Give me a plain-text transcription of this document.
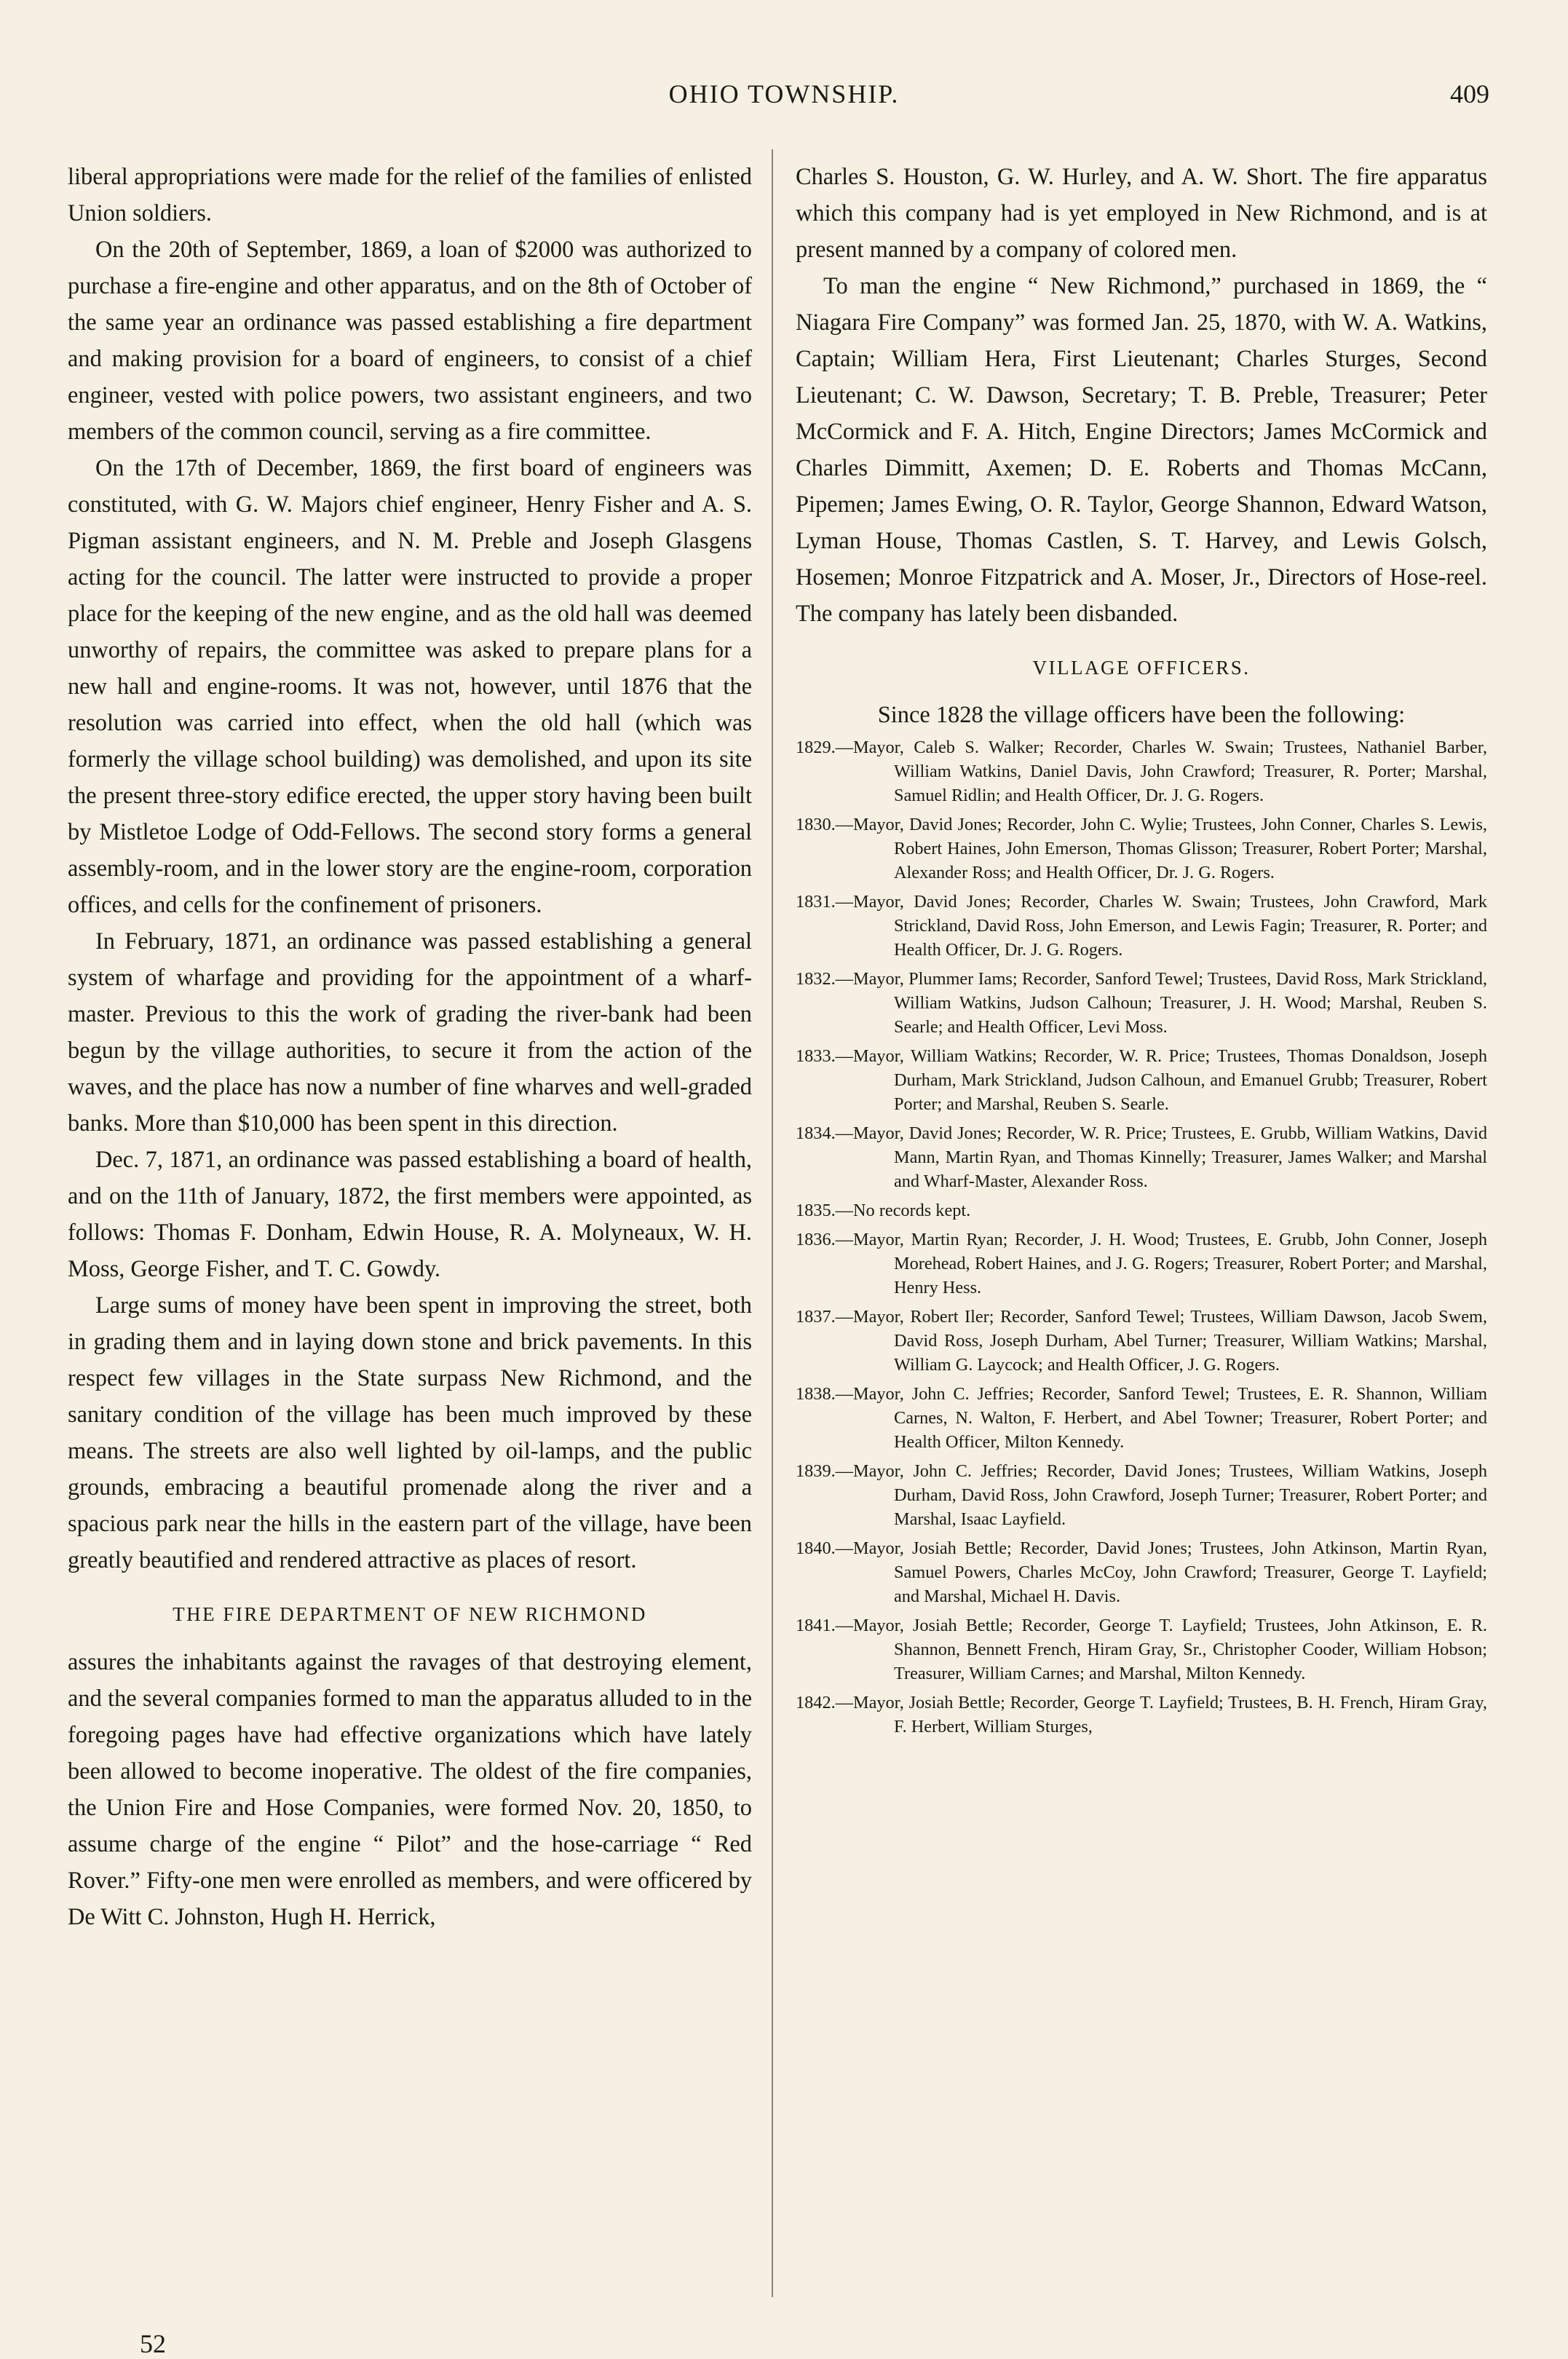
OHIO TOWNSHIP.	409

liberal appropriations were made for the relief of the families of enlisted Union soldiers.

On the 20th of September, 1869, a loan of $2000 was authorized to purchase a fire-engine and other apparatus, and on the 8th of October of the same year an ordinance was passed establishing a fire department and making provision for a board of engineers, to consist of a chief engineer, vested with police powers, two assistant engineers, and two members of the common council, serving as a fire committee.

On the 17th of December, 1869, the first board of engineers was constituted, with G. W. Majors chief engineer, Henry Fisher and A. S. Pigman assistant engineers, and N. M. Preble and Joseph Glasgens acting for the council. The latter were instructed to provide a proper place for the keeping of the new engine, and as the old hall was deemed unworthy of repairs, the committee was asked to prepare plans for a new hall and engine-rooms. It was not, however, until 1876 that the resolution was carried into effect, when the old hall (which was formerly the village school building) was demolished, and upon its site the present three-story edifice erected, the upper story having been built by Mistletoe Lodge of Odd-Fellows. The second story forms a general assembly-room, and in the lower story are the engine-room, corporation offices, and cells for the confinement of prisoners.

In February, 1871, an ordinance was passed establishing a general system of wharfage and providing for the appointment of a wharf-master. Previous to this the work of grading the river-bank had been begun by the village authorities, to secure it from the action of the waves, and the place has now a number of fine wharves and well-graded banks. More than $10,000 has been spent in this direction.

Dec. 7, 1871, an ordinance was passed establishing a board of health, and on the 11th of January, 1872, the first members were appointed, as follows: Thomas F. Donham, Edwin House, R. A. Molyneaux, W. H. Moss, George Fisher, and T. C. Gowdy.

Large sums of money have been spent in improving the street, both in grading them and in laying down stone and brick pavements. In this respect few villages in the State surpass New Richmond, and the sanitary condition of the village has been much improved by these means. The streets are also well lighted by oil-lamps, and the public grounds, embracing a beautiful promenade along the river and a spacious park near the hills in the eastern part of the village, have been greatly beautified and rendered attractive as places of resort.

THE FIRE DEPARTMENT OF NEW RICHMOND

assures the inhabitants against the ravages of that destroying element, and the several companies formed to man the apparatus alluded to in the foregoing pages have had effective organizations which have lately been allowed to become inoperative. The oldest of the fire companies, the Union Fire and Hose Companies, were formed Nov. 20, 1850, to assume charge of the engine “ Pilot” and the hose-carriage “ Red Rover.” Fifty-one men were enrolled as members, and were officered by De Witt C. Johnston, Hugh H. Herrick,

Charles S. Houston, G. W. Hurley, and A. W. Short. The fire apparatus which this company had is yet employed in New Richmond, and is at present manned by a company of colored men.

To man the engine “ New Richmond,” purchased in 1869, the “ Niagara Fire Company” was formed Jan. 25, 1870, with W. A. Watkins, Captain; William Hera, First Lieutenant; Charles Sturges, Second Lieutenant; C. W. Dawson, Secretary; T. B. Preble, Treasurer; Peter McCormick and F. A. Hitch, Engine Directors; James McCormick and Charles Dimmitt, Axemen; D. E. Roberts and Thomas McCann, Pipemen; James Ewing, O. R. Taylor, George Shannon, Edward Watson, Lyman House, Thomas Castlen, S. T. Harvey, and Lewis Golsch, Hosemen; Monroe Fitzpatrick and A. Moser, Jr., Directors of Hose-reel. The company has lately been disbanded.

VILLAGE OFFICERS.
Since 1828 the village officers have been the following:
1829.—Mayor, Caleb S. Walker; Recorder, Charles W. Swain; Trustees, Nathaniel Barber, William Watkins, Daniel Davis, John Crawford; Treasurer, R. Porter; Marshal, Samuel Ridlin; and Health Officer, Dr. J. G. Rogers.
1830.—Mayor, David Jones; Recorder, John C. Wylie; Trustees, John Conner, Charles S. Lewis, Robert Haines, John Emerson, Thomas Glisson; Treasurer, Robert Porter; Marshal, Alexander Ross; and Health Officer, Dr. J. G. Rogers.
1831.—Mayor, David Jones; Recorder, Charles W. Swain; Trustees, John Crawford, Mark Strickland, David Ross, John Emerson, and Lewis Fagin; Treasurer, R. Porter; and Health Officer, Dr. J. G. Rogers.
1832.—Mayor, Plummer Iams; Recorder, Sanford Tewel; Trustees, David Ross, Mark Strickland, William Watkins, Judson Calhoun; Treasurer, J. H. Wood; Marshal, Reuben S. Searle; and Health Officer, Levi Moss.
1833.—Mayor, William Watkins; Recorder, W. R. Price; Trustees, Thomas Donaldson, Joseph Durham, Mark Strickland, Judson Calhoun, and Emanuel Grubb; Treasurer, Robert Porter; and Marshal, Reuben S. Searle.
1834.—Mayor, David Jones; Recorder, W. R. Price; Trustees, E. Grubb, William Watkins, David Mann, Martin Ryan, and Thomas Kinnelly; Treasurer, James Walker; and Marshal and Wharf-Master, Alexander Ross.
1835.—No records kept.
1836.—Mayor, Martin Ryan; Recorder, J. H. Wood; Trustees, E. Grubb, John Conner, Joseph Morehead, Robert Haines, and J. G. Rogers; Treasurer, Robert Porter; and Marshal, Henry Hess.
1837.—Mayor, Robert Iler; Recorder, Sanford Tewel; Trustees, William Dawson, Jacob Swem, David Ross, Joseph Durham, Abel Turner; Treasurer, William Watkins; Marshal, William G. Laycock; and Health Officer, J. G. Rogers.
1838.—Mayor, John C. Jeffries; Recorder, Sanford Tewel; Trustees, E. R. Shannon, William Carnes, N. Walton, F. Herbert, and Abel Towner; Treasurer, Robert Porter; and Health Officer, Milton Kennedy.
1839.—Mayor, John C. Jeffries; Recorder, David Jones; Trustees, William Watkins, Joseph Durham, David Ross, John Crawford, Joseph Turner; Treasurer, Robert Porter; and Marshal, Isaac Layfield.
1840.—Mayor, Josiah Bettle; Recorder, David Jones; Trustees, John Atkinson, Martin Ryan, Samuel Powers, Charles McCoy, John Crawford; Treasurer, George T. Layfield; and Marshal, Michael H. Davis.
1841.—Mayor, Josiah Bettle; Recorder, George T. Layfield; Trustees, John Atkinson, E. R. Shannon, Bennett French, Hiram Gray, Sr., Christopher Cooder, William Hobson; Treasurer, William Carnes; and Marshal, Milton Kennedy.
1842.—Mayor, Josiah Bettle; Recorder, George T. Layfield; Trustees, B. H. French, Hiram Gray, F. Herbert, William Sturges,
52
